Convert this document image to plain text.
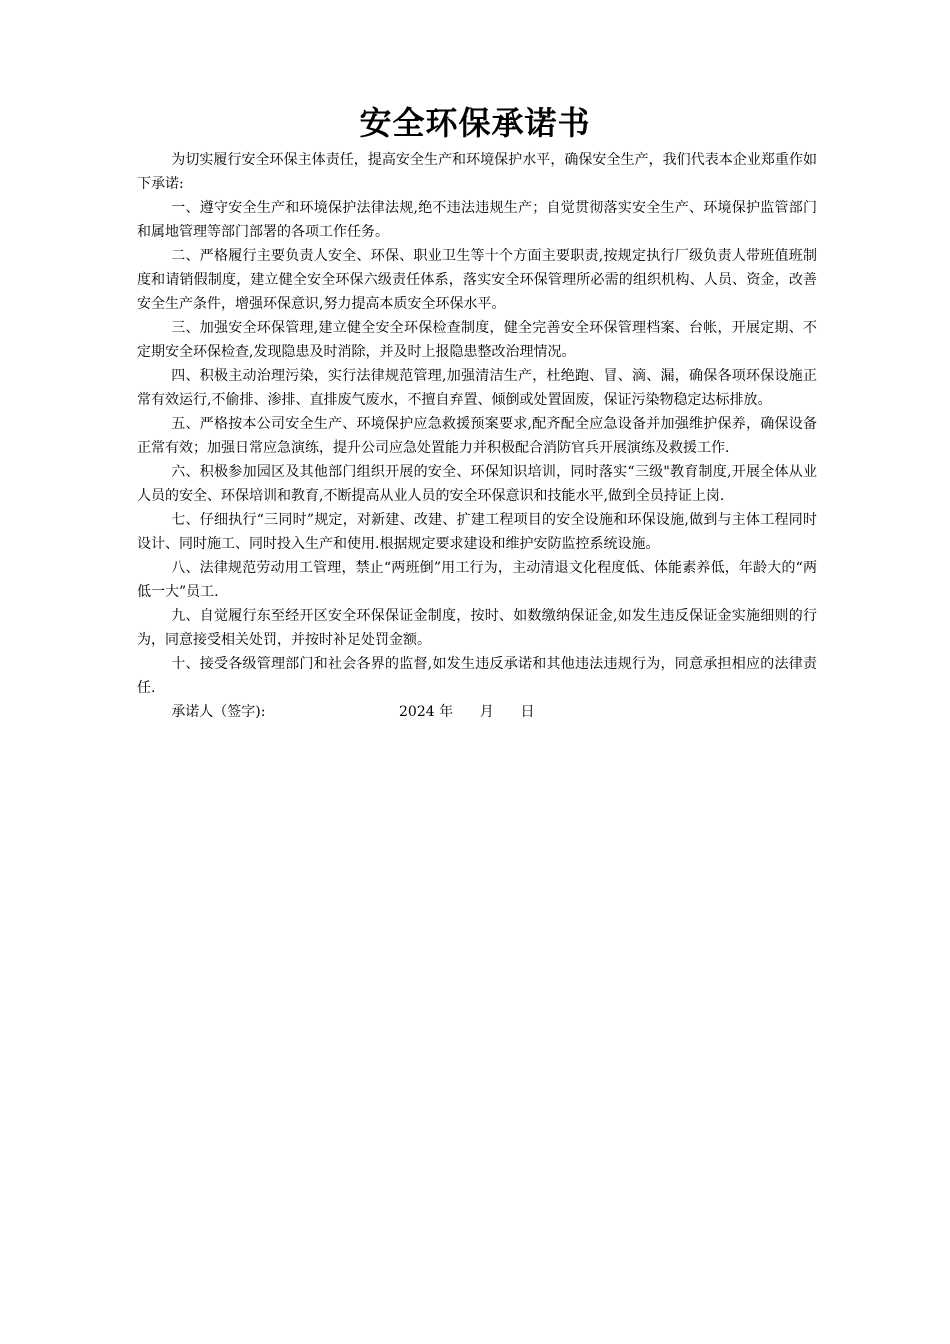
安全环保承诺书

为切实履行安全环保主体责任，提高安全生产和环境保护水平，确保安全生产，我们代表本企业郑重作如下承诺:

一、遵守安全生产和环境保护法律法规,绝不违法违规生产；自觉贯彻落实安全生产、环境保护监管部门和属地管理等部门部署的各项工作任务。

二、严格履行主要负责人安全、环保、职业卫生等十个方面主要职责,按规定执行厂级负责人带班值班制度和请销假制度，建立健全安全环保六级责任体系，落实安全环保管理所必需的组织机构、人员、资金，改善安全生产条件，增强环保意识,努力提高本质安全环保水平。

三、加强安全环保管理,建立健全安全环保检查制度，健全完善安全环保管理档案、台帐，开展定期、不定期安全环保检查,发现隐患及时消除，并及时上报隐患整改治理情况。

四、积极主动治理污染，实行法律规范管理,加强清洁生产，杜绝跑、冒、滴、漏，确保各项环保设施正常有效运行,不偷排、渗排、直排废气废水，不擅自弃置、倾倒或处置固废，保证污染物稳定达标排放。

五、严格按本公司安全生产、环境保护应急救援预案要求,配齐配全应急设备并加强维护保养，确保设备正常有效；加强日常应急演练，提升公司应急处置能力并积极配合消防官兵开展演练及救援工作.

六、积极参加园区及其他部门组织开展的安全、环保知识培训，同时落实“三级"教育制度,开展全体从业人员的安全、环保培训和教育,不断提高从业人员的安全环保意识和技能水平,做到全员持证上岗.

七、仔细执行“三同时”规定，对新建、改建、扩建工程项目的安全设施和环保设施,做到与主体工程同时设计、同时施工、同时投入生产和使用.根据规定要求建设和维护安防监控系统设施。

八、法律规范劳动用工管理，禁止“两班倒”用工行为，主动清退文化程度低、体能素养低，年龄大的“两低一大”员工.

九、自觉履行东至经开区安全环保保证金制度，按时、如数缴纳保证金,如发生违反保证金实施细则的行为，同意接受相关处罚，并按时补足处罚金额。

十、接受各级管理部门和社会各界的监督,如发生违反承诺和其他违法违规行为，同意承担相应的法律责任.

承诺人（签字):	2024 年      月      日
